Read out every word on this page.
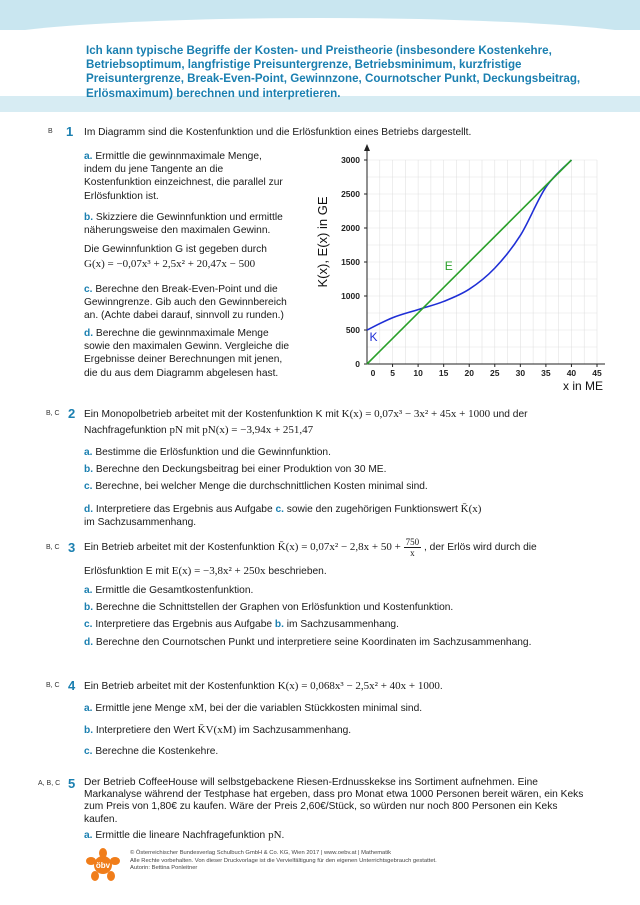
Ich kann typische Begriffe der Kosten- und Preistheorie (insbesondere Kostenkehre, Betriebsoptimum, langfristige Preisuntergrenze, Betriebsminimum, kurzfristige Preisuntergrenze, Break-Even-Point, Gewinnzone, Cournotscher Punkt, Deckungsbeitrag, Erlösmaximum) berechnen und interpretieren.
B 1 Im Diagramm sind die Kostenfunktion und die Erlösfunktion eines Betriebs dargestellt.
a. Ermittle die gewinnmaximale Menge, indem du jene Tangente an die Kostenfunktion einzeichnest, die parallel zur Erlösfunktion ist.
b. Skizziere die Gewinnfunktion und ermittle näherungsweise den maximalen Gewinn.
Die Gewinnfunktion G ist gegeben durch
G(x) = −0,07x³ + 2,5x² + 20,47x − 500
c. Berechne den Break-Even-Point und die Gewinngrenze. Gib auch den Gewinnbereich an. (Achte dabei darauf, sinnvoll zu runden.)
d. Berechne die gewinnmaximale Menge sowie den maximalen Gewinn. Vergleiche die Ergebnisse deiner Berechnungen mit jenen, die du aus dem Diagramm abgelesen hast.	5 10 15 20 25 30 35 40 45
0
0
500
1000
1500
2000
2500
3000
x in ME
K(x), E(x) in GE
K
E
B, C 2 Ein Monopolbetrieb arbeitet mit der Kostenfunktion K mit K(x) = 0,07x³ − 3x² + 45x + 1000 und der
Nachfragefunktion pN mit pN(x) = −3,94x + 251,47
a. Bestimme die Erlösfunktion und die Gewinnfunktion.
b. Berechne den Deckungsbeitrag bei einer Produktion von 30 ME.
c. Berechne, bei welcher Menge die durchschnittlichen Kosten minimal sind.
d. Interpretiere das Ergebnis aus Aufgabe c. sowie den zugehörigen Funktionswert K̄(x)
im Sachzusammenhang.
B, C 3 Ein Betrieb arbeitet mit der Kostenfunktion K̄(x) = $0,07x^2 - 2,8x + 50 + \frac{750}{x}$ , der Erlös wird durch die
Erlösfunktion E mit E(x) = −3,8x² + 250x beschrieben.
a. Ermittle die Gesamtkostenfunktion.
b. Berechne die Schnittstellen der Graphen von Erlösfunktion und Kostenfunktion.
c. Interpretiere das Ergebnis aus Aufgabe b. im Sachzusammenhang.
d. Berechne den Cournotschen Punkt und interpretiere seine Koordinaten im Sachzusammenhang.
B, C 4 Ein Betrieb arbeitet mit der Kostenfunktion K(x) = 0,068x³ − 2,5x² + 40x + 1000.
a. Ermittle jene Menge xM, bei der die variablen Stückkosten minimal sind.
b. Interpretiere den Wert K̄V(xM) im Sachzusammenhang.
c. Berechne die Kostenkehre.
A, B, C 5 Der Betrieb CoffeeHouse will selbstgebackene Riesen-Erdnusskekse ins Sortiment aufnehmen. Eine Markanalyse während der Testphase hat ergeben, dass pro Monat etwa 1000 Personen bereit wären, ein Keks zum Preis von 1,80€ zu kaufen. Wäre der Preis 2,60€/Stück, so würden nur noch 800 Personen ein Keks kaufen.
a. Ermittle die lineare Nachfragefunktion pN.
öbv
© Österreichischer Bundesverlag Schulbuch GmbH & Co. KG, Wien 2017 | www.oebv.at | Mathematik
Alle Rechte vorbehalten. Von dieser Druckvorlage ist die Vervielfältigung für den eigenen Unterrichtsgebrauch gestattet.
Autorin: Bettina Ponleitner
